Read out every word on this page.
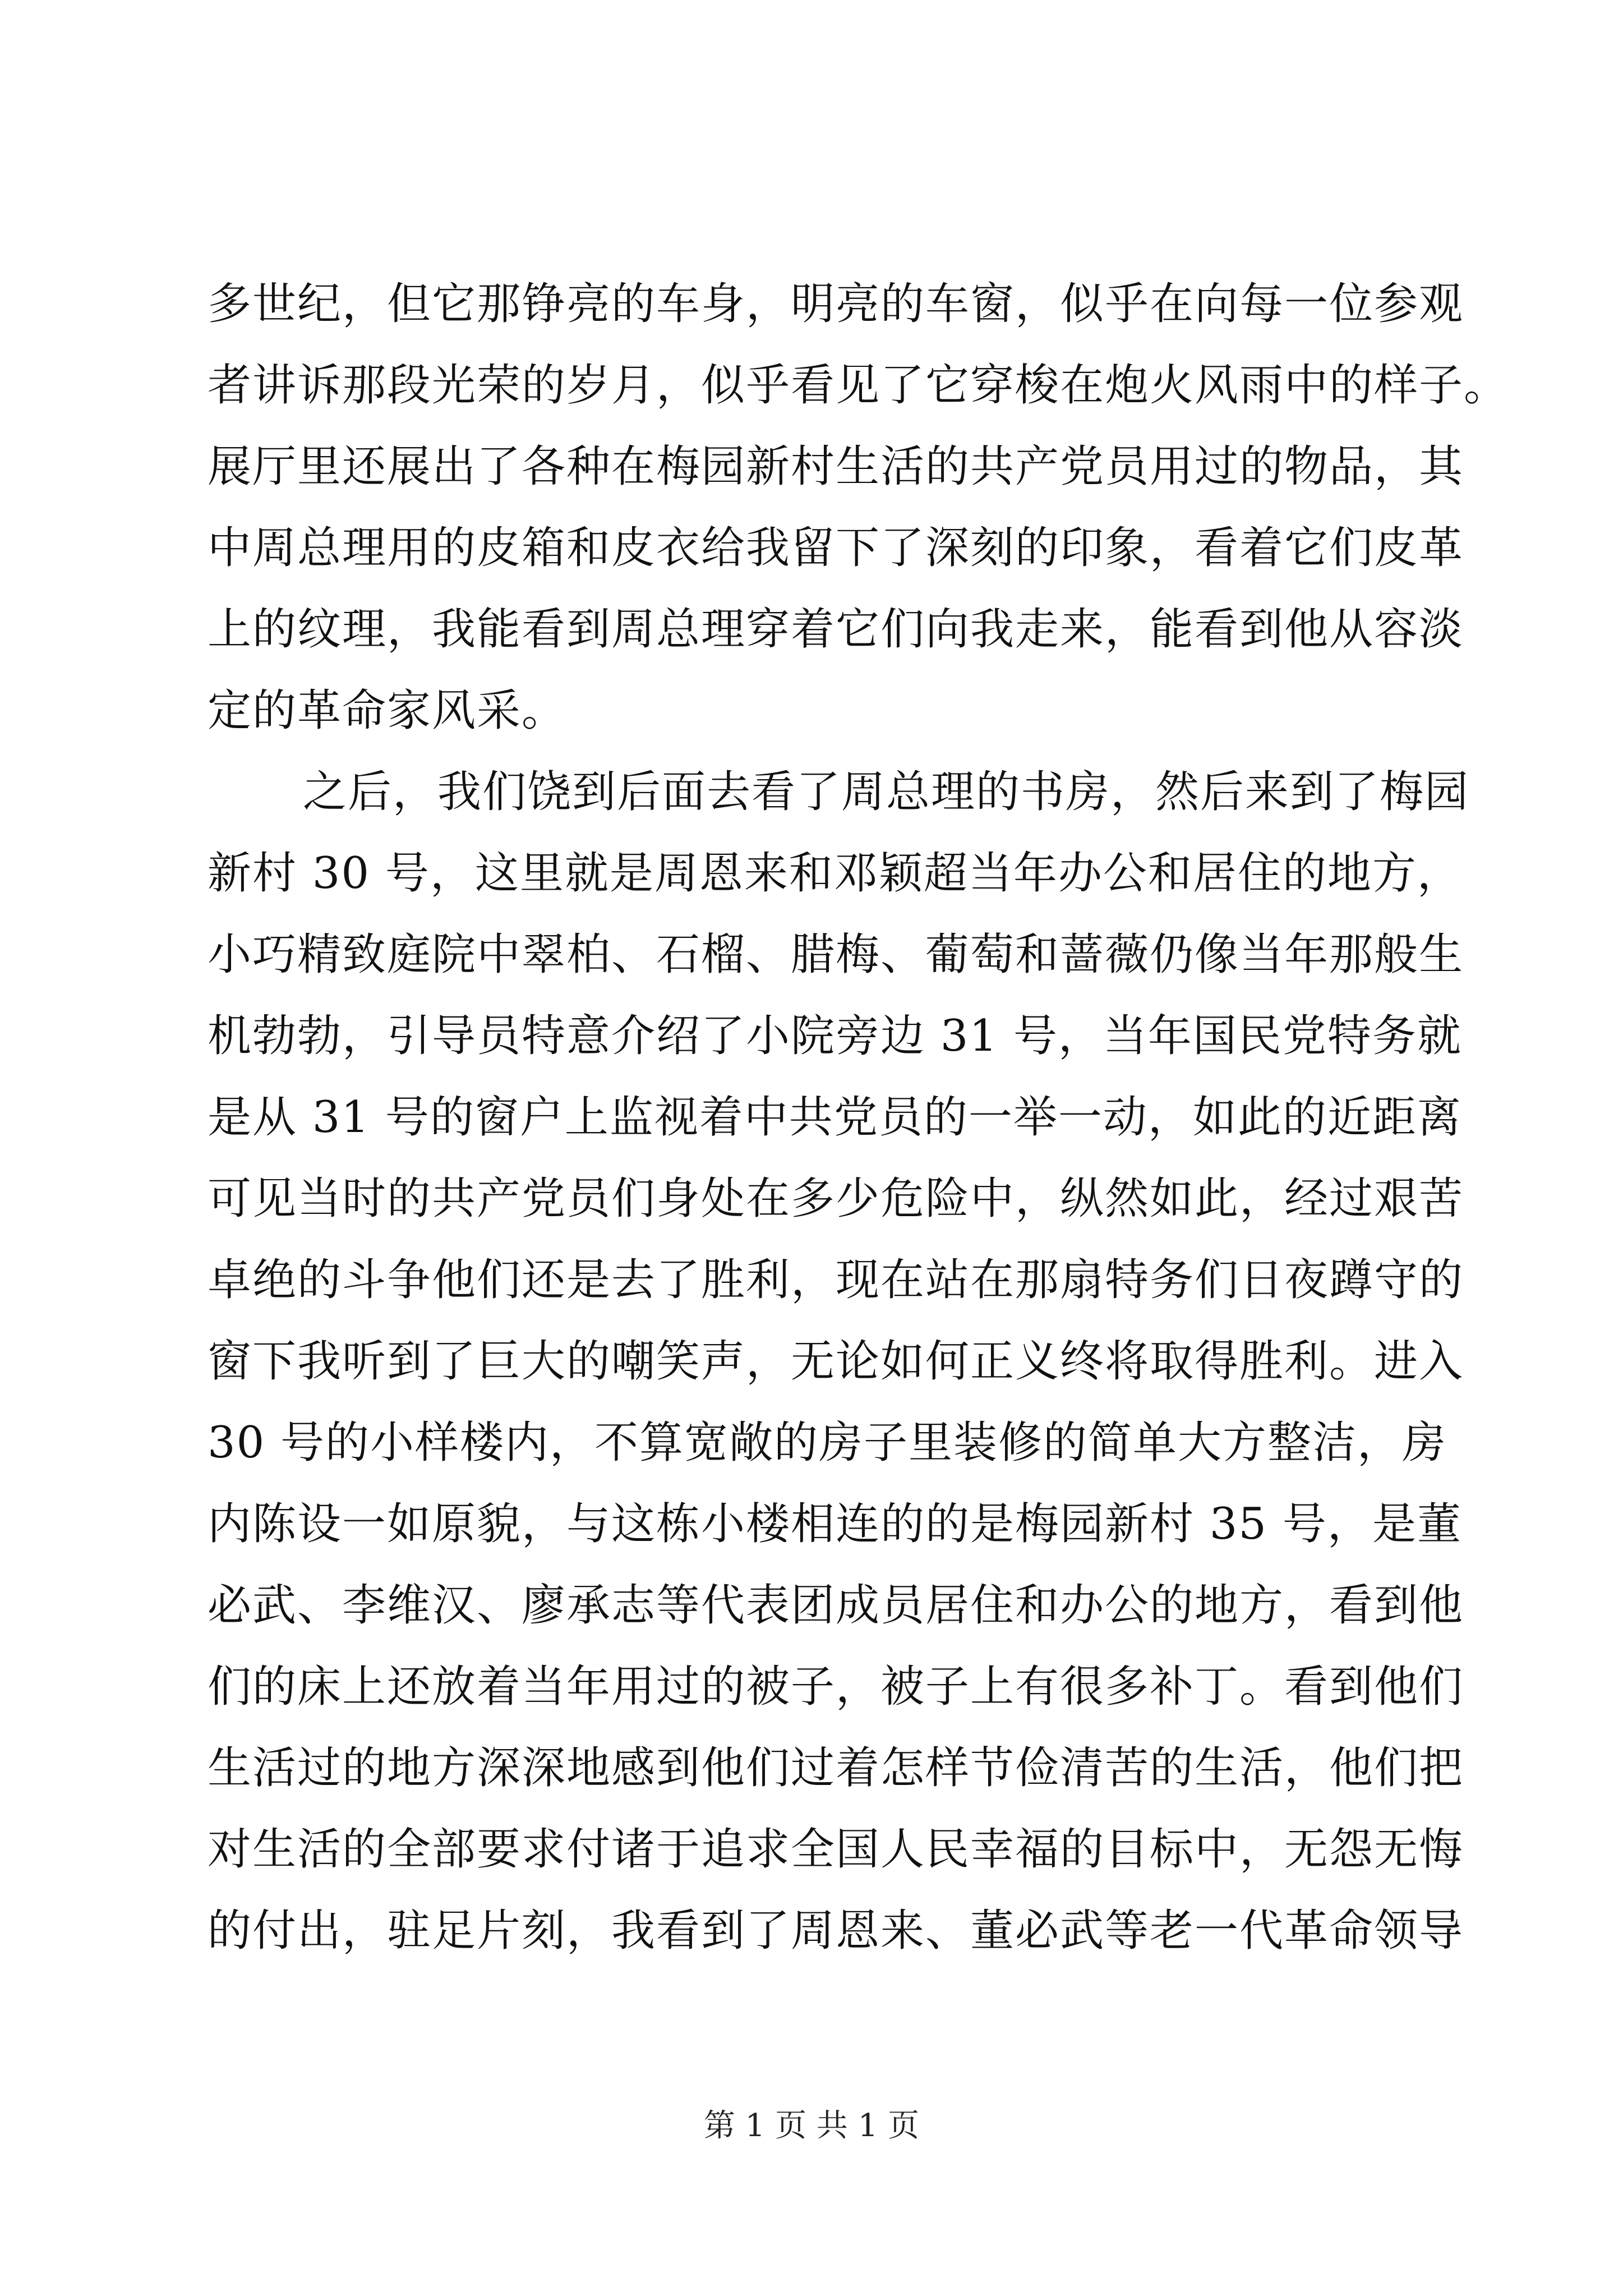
多世纪，但它那铮亮的车身，明亮的车窗，似乎在向每一位参观
者讲诉那段光荣的岁月，似乎看见了它穿梭在炮火风雨中的样子。
展厅里还展出了各种在梅园新村生活的共产党员用过的物品，其
中周总理用的皮箱和皮衣给我留下了深刻的印象，看着它们皮革
上的纹理，我能看到周总理穿着它们向我走来，能看到他从容淡
定的革命家风采。
之后，我们饶到后面去看了周总理的书房，然后来到了梅园
新村 30 号，这里就是周恩来和邓颖超当年办公和居住的地方，
小巧精致庭院中翠柏、石榴、腊梅、葡萄和蔷薇仍像当年那般生
机勃勃，引导员特意介绍了小院旁边 31 号，当年国民党特务就
是从 31 号的窗户上监视着中共党员的一举一动，如此的近距离
可见当时的共产党员们身处在多少危险中，纵然如此，经过艰苦
卓绝的斗争他们还是去了胜利，现在站在那扇特务们日夜蹲守的
窗下我听到了巨大的嘲笑声，无论如何正义终将取得胜利。进入
30 号的小样楼内，不算宽敞的房子里装修的简单大方整洁，房
内陈设一如原貌，与这栋小楼相连的的是梅园新村 35 号，是董
必武、李维汉、廖承志等代表团成员居住和办公的地方，看到他
们的床上还放着当年用过的被子，被子上有很多补丁。看到他们
生活过的地方深深地感到他们过着怎样节俭清苦的生活，他们把
对生活的全部要求付诸于追求全国人民幸福的目标中，无怨无悔
的付出，驻足片刻，我看到了周恩来、董必武等老一代革命领导
第 1 页 共 1 页
